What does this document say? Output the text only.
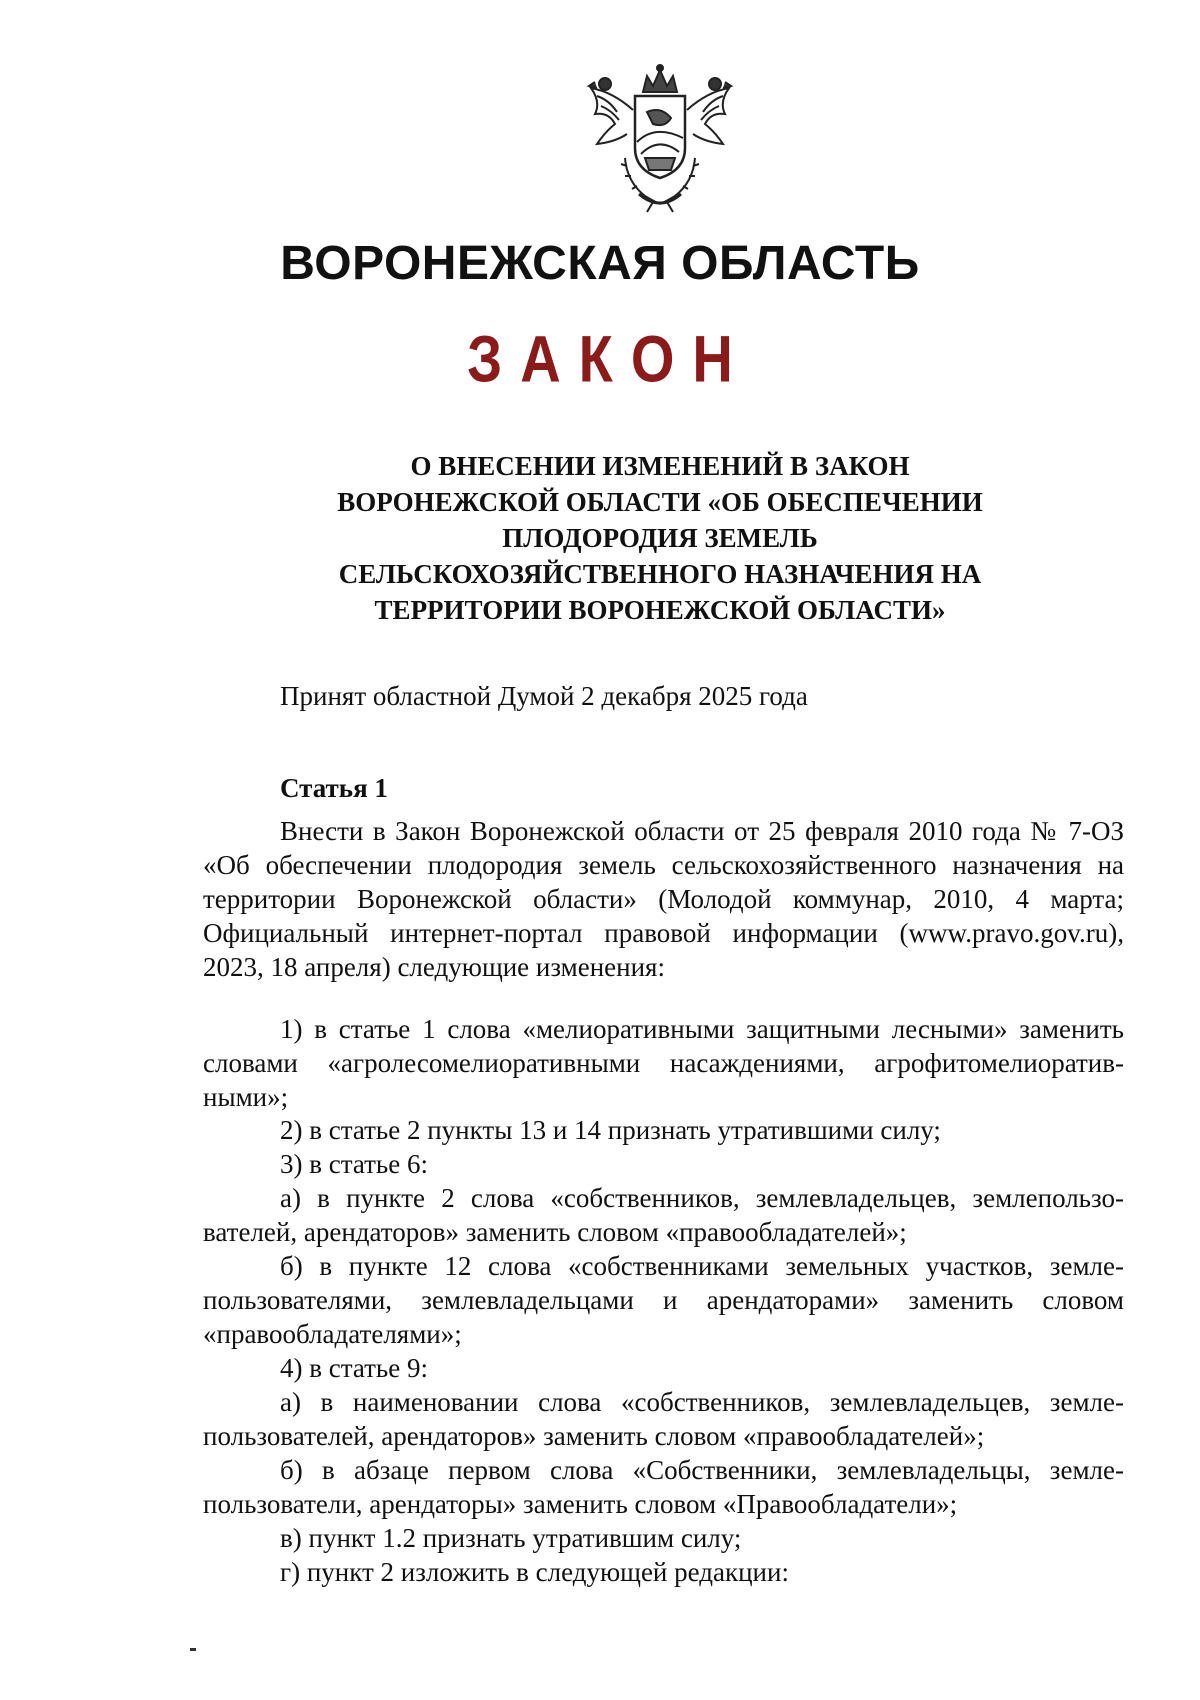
ВОРОНЕЖСКАЯ ОБЛАСТЬ
ЗАКОН
О ВНЕСЕНИИ ИЗМЕНЕНИЙ В ЗАКОН
ВОРОНЕЖСКОЙ ОБЛАСТИ «ОБ ОБЕСПЕЧЕНИИ
ПЛОДОРОДИЯ ЗЕМЕЛЬ
СЕЛЬСКОХОЗЯЙСТВЕННОГО НАЗНАЧЕНИЯ НА
ТЕРРИТОРИИ ВОРОНЕЖСКОЙ ОБЛАСТИ»
Принят областной Думой 2 декабря 2025 года
Статья 1
Внести в Закон Воронежской области от 25 февраля 2010 года № 7-ОЗ
«Об обеспечении плодородия земель сельскохозяйственного назначения на
территории Воронежской области» (Молодой коммунар, 2010, 4 марта;
Официальный интернет-портал правовой информации (www.pravo.gov.ru),
2023, 18 апреля) следующие изменения:
1) в статье 1 слова «мелиоративными защитными лесными» заменить
словами «агролесомелиоративными насаждениями, агрофитомелиоратив-
ными»;
2) в статье 2 пункты 13 и 14 признать утратившими силу;
3) в статье 6:
а) в пункте 2 слова «собственников, землевладельцев, землепользо-
вателей, арендаторов» заменить словом «правообладателей»;
б) в пункте 12 слова «собственниками земельных участков, земле-
пользователями, землевладельцами и арендаторами» заменить словом
«правообладателями»;
4) в статье 9:
а) в наименовании слова «собственников, землевладельцев, земле-
пользователей, арендаторов» заменить словом «правообладателей»;
б) в абзаце первом слова «Собственники, землевладельцы, земле-
пользователи, арендаторы» заменить словом «Правообладатели»;
в) пункт 1.2 признать утратившим силу;
г) пункт 2 изложить в следующей редакции:
